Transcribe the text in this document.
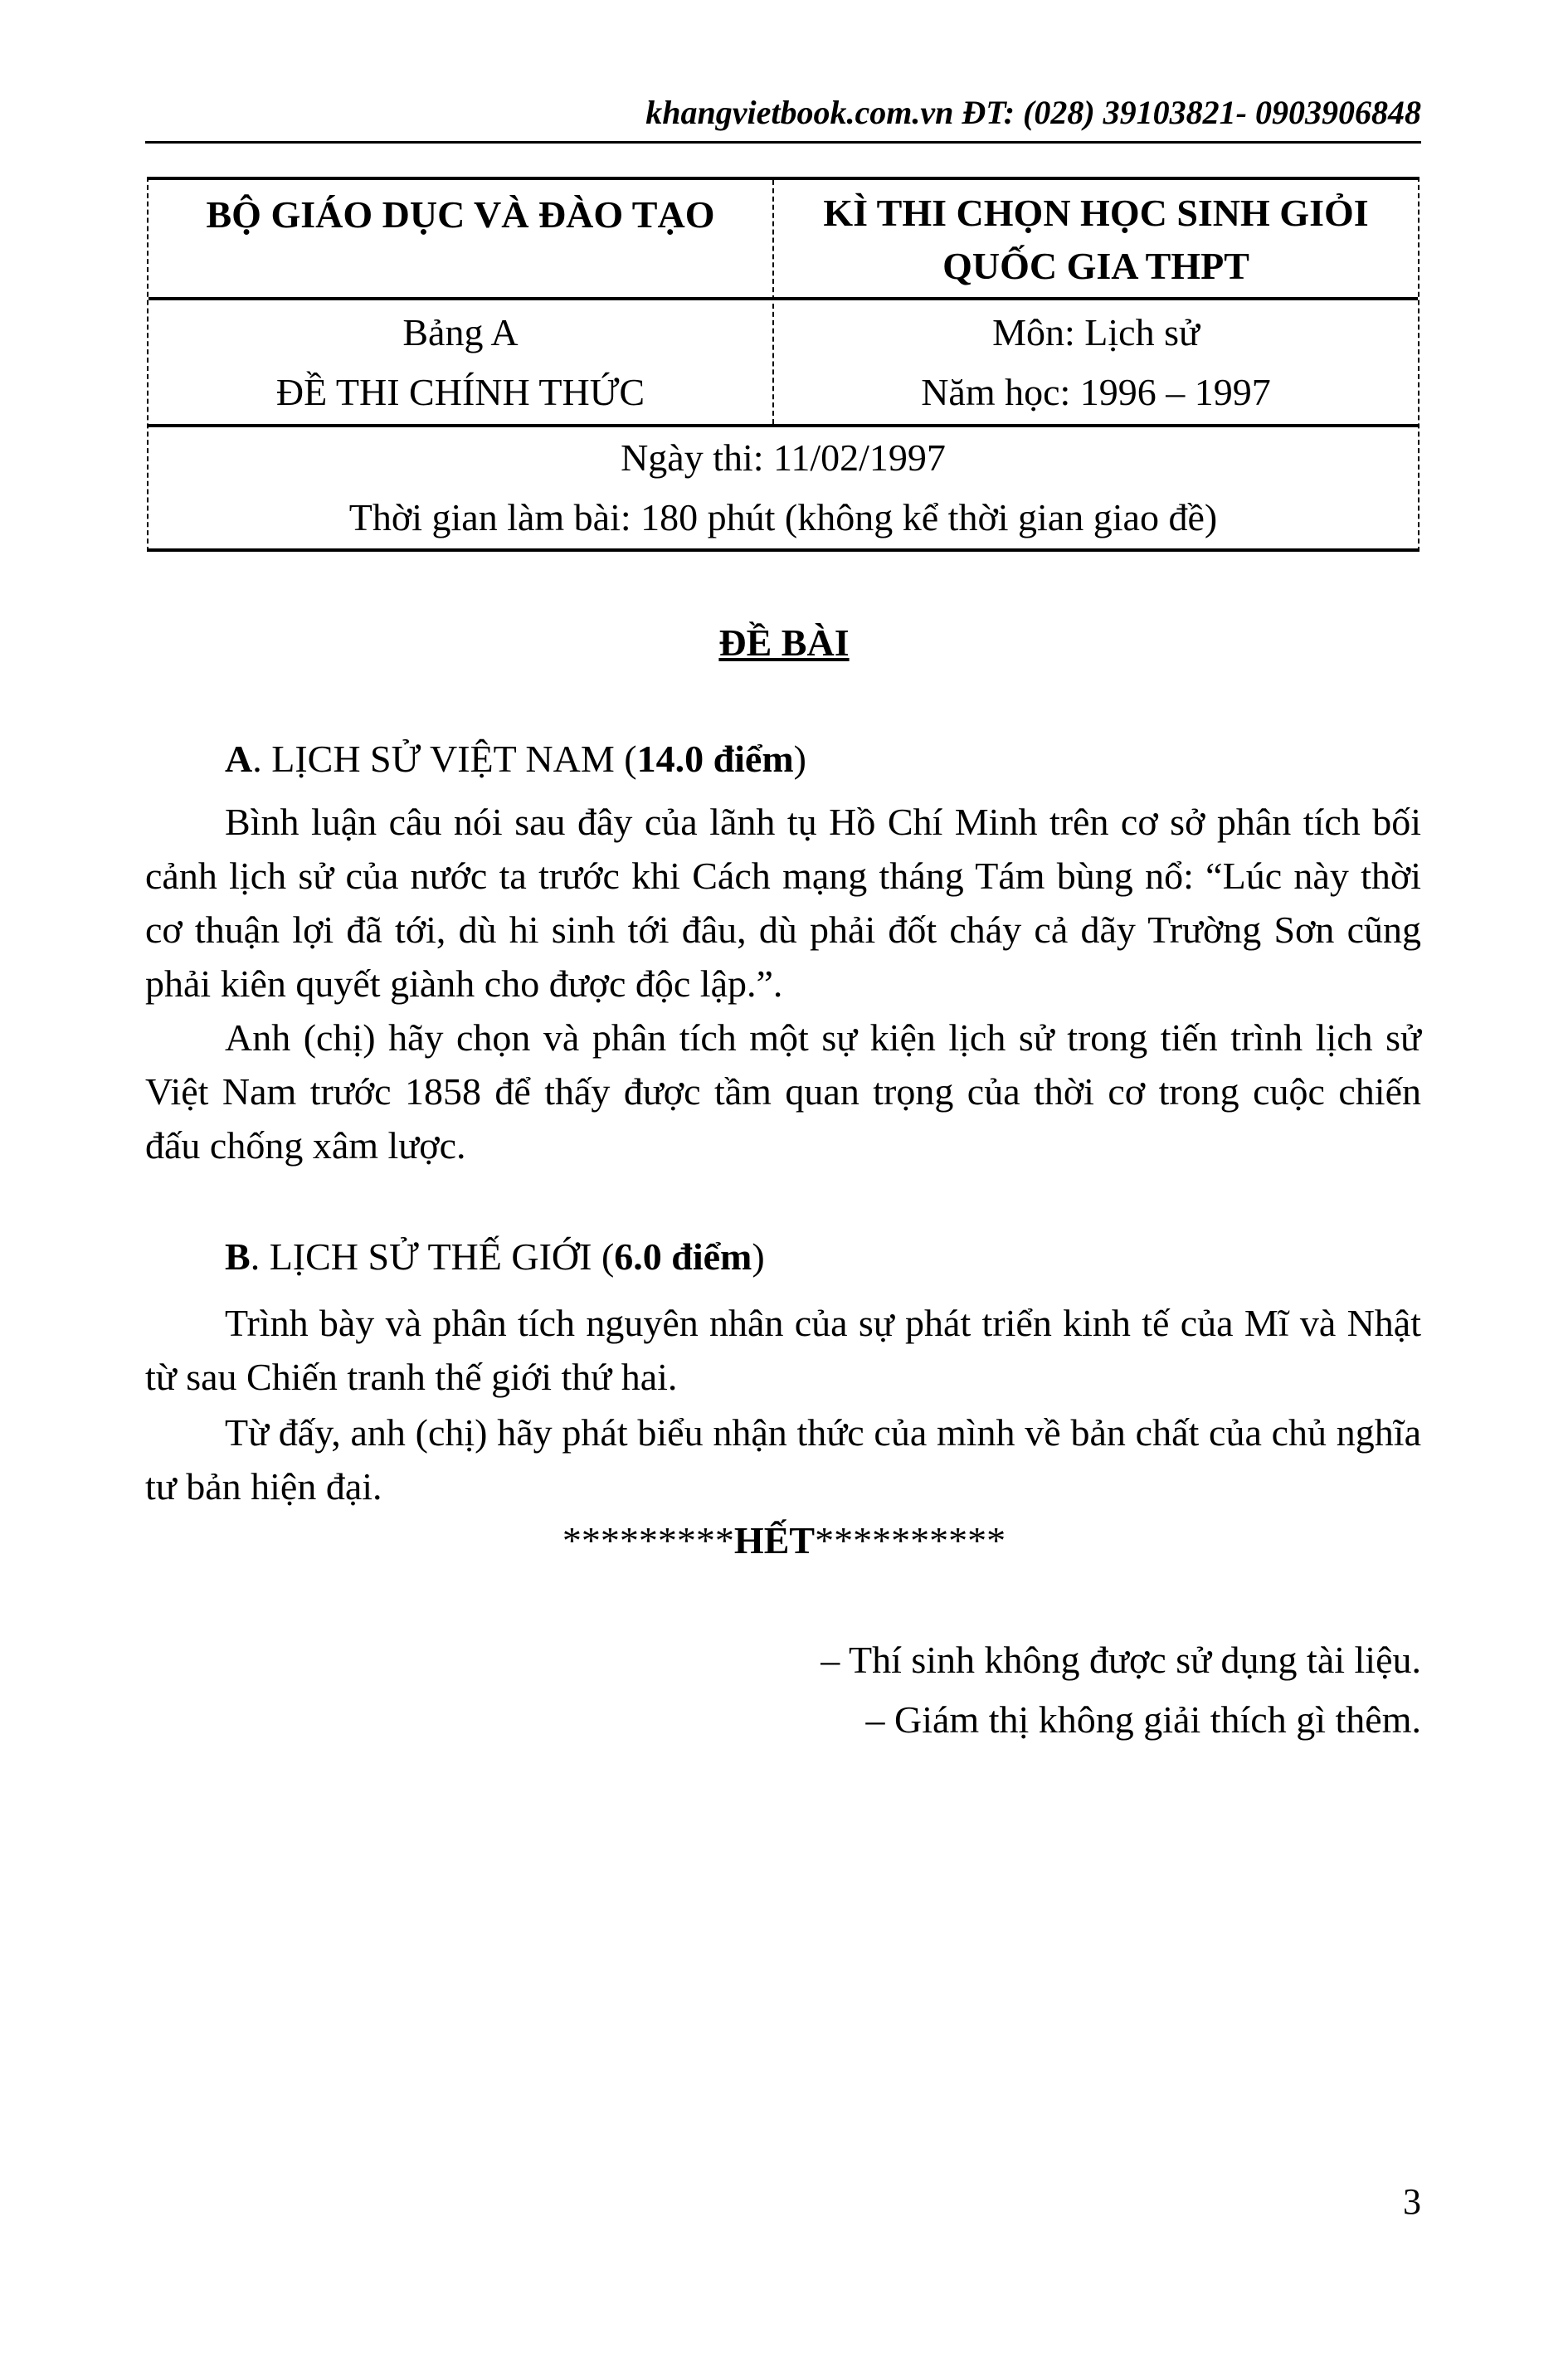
khangvietbook.com.vn ĐT: (028) 39103821- 0903906848
BỘ GIÁO DỤC VÀ ĐÀO TẠO	KÌ THI CHỌN HỌC SINH GIỎI
QUỐC GIA THPT
Bảng A
ĐỀ THI CHÍNH THỨC
Môn: Lịch sử
Năm học: 1996 – 1997
Ngày thi: 11/02/1997
Thời gian làm bài: 180 phút (không kể thời gian giao đề)
ĐỀ BÀI
A. LỊCH SỬ VIỆT NAM (14.0 điểm)

Bình luận câu nói sau đây của lãnh tụ Hồ Chí Minh trên cơ sở phân tích bối cảnh lịch sử của nước ta trước khi Cách mạng tháng Tám bùng nổ: “Lúc này thời cơ thuận lợi đã tới, dù hi sinh tới đâu, dù phải đốt cháy cả dãy Trường Sơn cũng phải kiên quyết giành cho được độc lập.”.

Anh (chị) hãy chọn và phân tích một sự kiện lịch sử trong tiến trình lịch sử Việt Nam trước 1858 để thấy được tầm quan trọng của thời cơ trong cuộc chiến đấu chống xâm lược.

B. LỊCH SỬ THẾ GIỚI (6.0 điểm)

Trình bày và phân tích nguyên nhân của sự phát triển kinh tế của Mĩ và Nhật từ sau Chiến tranh thế giới thứ hai.

Từ đấy, anh (chị) hãy phát biểu nhận thức của mình về bản chất của chủ nghĩa tư bản hiện đại.

*********HẾT**********
– Thí sinh không được sử dụng tài liệu.
– Giám thị không giải thích gì thêm.
3
